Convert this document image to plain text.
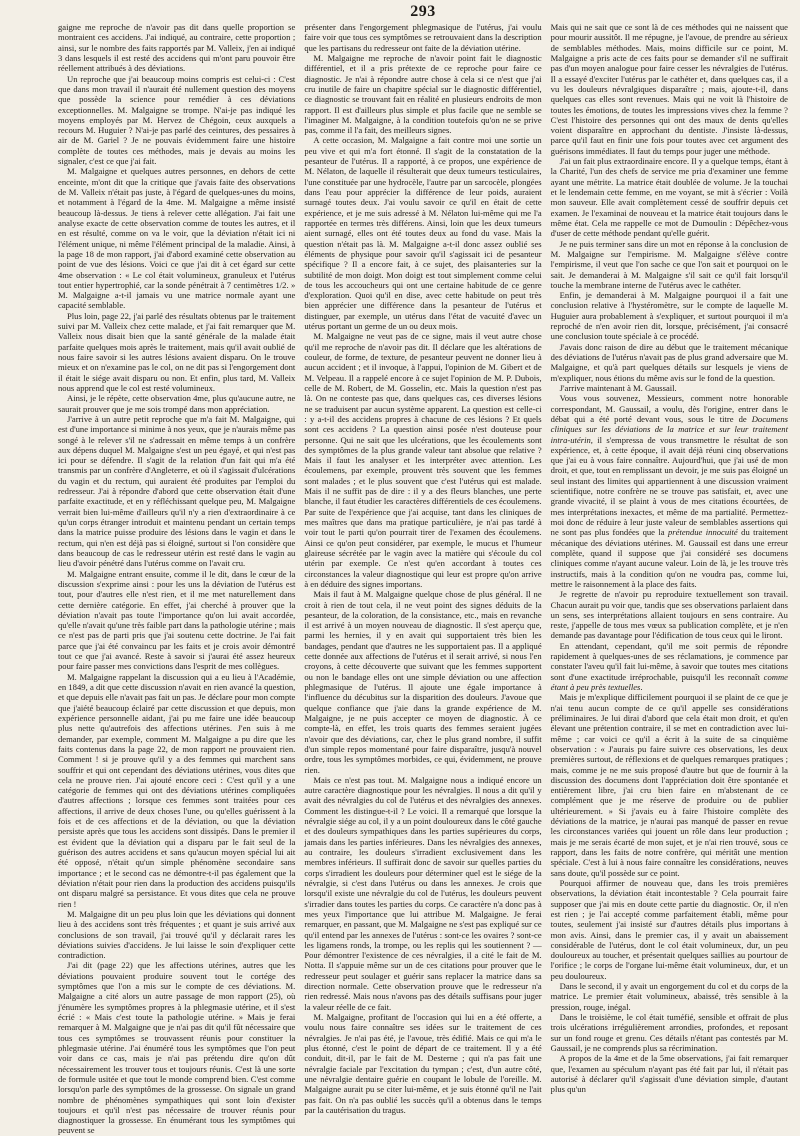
293

gaigne me reproche de n'avoir pas dit dans quelle proportion se montraient ces accidens. J'ai indiqué, au contraire, cette proportion ; ainsi, sur le nombre des faits rapportés par M. Valleix, j'en ai indiqué 3 dans lesquels il est resté des accidens qui m'ont paru pouvoir être réellement attribués à des déviations.

Un reproche que j'ai beaucoup moins compris est celui-ci : C'est que dans mon travail il n'aurait été nullement question des moyens que possède la science pour remédier à ces déviations exceptionnelles. M. Malgaigne se trompe. N'ai-je pas indiqué les moyens employés par M. Hervez de Chégoin, ceux auxquels a recours M. Huguier ? N'ai-je pas parlé des ceintures, des pessaires à air de M. Gariel ? Je ne pouvais évidemment faire une histoire complète de toutes ces méthodes, mais je devais au moins les signaler, c'est ce que j'ai fait.

M. Malgaigne et quelques autres personnes, en dehors de cette enceinte, m'ont dit que la critique que j'avais faite des observations de M. Valleix n'était pas juste, à l'égard de quelques-unes du moins, et notamment à l'égard de la 4me. M. Malgaigne a même insisté beaucoup là-dessus. Je tiens à relever cette allégation. J'ai fait une analyse exacte de cette observation comme de toutes les autres, et il en est résulté, comme on va le voir, que la déviation n'était ici ni l'élément unique, ni même l'élément principal de la maladie. Ainsi, à la page 18 de mon rapport, j'ai d'abord examiné cette observation au point de vue des lésions. Voici ce que j'ai dit à cet égard sur cette 4me observation : « Le col était volumineux, granuleux et l'utérus tout entier hypertrophié, car la sonde pénétrait à 7 centimètres 1/2. » M. Malgaigne a-t-il jamais vu une matrice normale ayant une capacité semblable.

Plus loin, page 22, j'ai parlé des résultats obtenus par le traitement suivi par M. Valleix chez cette malade, et j'ai fait remarquer que M. Valleix nous disait bien que la santé générale de la malade était parfaite quelques mois après le traitement, mais qu'il avait oublié de nous faire savoir si les autres lésions avaient disparu. On le trouve mieux et on n'examine pas le col, on ne dit pas si l'engorgement dont il était le siége avait disparu ou non. Et enfin, plus tard, M. Valleix nous apprend que le col est resté volumineux.

Ainsi, je le répète, cette observation 4me, plus qu'aucune autre, ne saurait prouver que je me sois trompé dans mon appréciation.

J'arrive à un autre petit reproche que m'a fait M. Malgaigne, qui est d'une importance si minime à nos yeux, que je n'aurais même pas songé à le relever s'il ne s'adressait en même temps à un confrère aux dépens duquel M. Malgaigne s'est un peu égayé, et qui n'est pas ici pour se défendre. Il s'agit de la relation d'un fait qui m'a été transmis par un confrère d'Angleterre, et où il s'agissait d'ulcérations du vagin et du rectum, qui auraient été produites par l'emploi du redresseur. J'ai à répondre d'abord que cette observation était d'une parfaite exactitude, et en y réfléchissant quelque peu, M. Malgaigne verrait bien lui-même d'ailleurs qu'il n'y a rien d'extraordinaire à ce qu'un corps étranger introduit et maintenu pendant un certain temps dans la matrice puisse produire des lésions dans le vagin et dans le rectum, qui n'en est déjà pas si éloigné, surtout si l'on considère que dans beaucoup de cas le redresseur utérin est resté dans le vagin au lieu d'avoir pénétré dans l'utérus comme on l'avait cru.

M. Malgaigne entrant ensuite, comme il le dit, dans le cœur de la discussion s'exprime ainsi : pour les uns la déviation de l'utérus est tout, pour d'autres elle n'est rien, et il me met naturellement dans cette dernière catégorie. En effet, j'ai cherché à prouver que la déviation n'avait pas toute l'importance qu'on lui avait accordée, qu'elle n'avait qu'une très faible part dans la pathologie utérine ; mais ce n'est pas de parti pris que j'ai soutenu cette doctrine. Je l'ai fait parce que j'ai été convaincu par les faits et je crois avoir démontré tout ce que j'ai avancé. Reste à savoir si j'aurai été assez heureux pour faire passer mes convictions dans l'esprit de mes collègues.

M. Malgaigne rappelant la discussion qui a eu lieu à l'Académie, en 1849, a dit que cette discussion n'avait en rien avancé la question, et que depuis elle n'avait pas fait un pas. Je déclare pour mon compte que j'aiété beaucoup éclairé par cette discussion et que depuis, mon expérience personnelle aidant, j'ai pu me faire une idée beaucoup plus nette qu'autrefois des affections utérines. J'en suis à me demander, par exemple, comment M. Malgaigne a pu dire que les faits contenus dans la page 22, de mon rapport ne prouvaient rien. Comment ! si je prouve qu'il y a des femmes qui marchent sans souffrir et qui ont cependant des déviations utérines, vous dites que cela ne prouve rien. J'ai ajouté encore ceci : C'est qu'il y a une catégorie de femmes qui ont des déviations utérines compliquées d'autres affections ; lorsque ces femmes sont traitées pour ces affections, il arrive de deux choses l'une, ou qu'elles guérissent à la fois et de ces affections et de la déviation, ou que la déviation persiste après que tous les accidens sont dissipés. Dans le premier il est évident que la déviation qui a disparu par le fait seul de la guérison des autres accidens et sans qu'aucun moyen spécial lui ait été opposé, n'était qu'un simple phénomène secondaire sans importance ; et le second cas ne démontre-t-il pas également que la déviation n'était pour rien dans la production des accidens puisqu'ils ont disparu malgré sa persistance. Et vous dites que cela ne prouve rien !

M. Malgaigne dit un peu plus loin que les déviations qui donnent lieu à des accidens sont très fréquentes ; et quant je suis arrivé aux conclusions de son travail, j'ai trouvé qu'il y déclarait rares les déviations suivies d'accidens. Je lui laisse le soin d'expliquer cette contradiction.

J'ai dit (page 22) que les affections utérines, autres que les déviations pouvaient produire souvent tout le cortége des symptômes que l'on a mis sur le compte de ces déviations. M. Malgaigne a cité alors un autre passage de mon rapport (25), où j'énumère les symptômes propres à la phlegmasie utérine, et il s'est écrié : « Mais c'est toute la pathologie utérine. » Mais je ferai remarquer à M. Malgaigne que je n'ai pas dit qu'il fût nécessaire que tous ces symptômes se trouvassent réunis pour constituer la phlegmasie utérine. J'ai énuméré tous les symptômes que l'on peut voir dans ce cas, mais je n'ai pas prétendu dire qu'on dût nécessairement les trouver tous et toujours réunis. C'est là une sorte de formule usitée et que tout le monde comprend bien. C'est comme lorsqu'on parle des symptômes de la grossesse. On signale un grand nombre de phénomènes sympathiques qui sont loin d'exister toujours et qu'il n'est pas nécessaire de trouver réunis pour diagnostiquer la grossesse. En énumérant tous les symptômes qui peuvent se

présenter dans l'engorgement phlegmasique de l'utérus, j'ai voulu faire voir que tous ces symptômes se retrouvaient dans la description que les partisans du redresseur ont faite de la déviation utérine.

M. Malgaigne me reproche de n'avoir point fait le diagnostic différentiel, et il a pris prétexte de ce reproche pour faire ce diagnostic. Je n'ai à répondre autre chose à cela si ce n'est que j'ai cru inutile de faire un chapitre spécial sur le diagnostic différentiel, ce diagnostic se trouvant fait en réalité en plusieurs endroits de mon rapport. Il est d'ailleurs plus simple et plus facile que ne semble se l'imaginer M. Malgaigne, à la condition toutefois qu'on ne se prive pas, comme il l'a fait, des meilleurs signes.

A cette occasion, M. Malgaigne a fait contre moi une sortie un peu vive et qui m'a fort étonné. Il s'agit de la constatation de la pesanteur de l'utérus. Il a rapporté, à ce propos, une expérience de M. Nélaton, de laquelle il résulterait que deux tumeurs testiculaires, l'une constituée par une hydrocèle, l'autre par un sarcocèle, plongées dans l'eau pour apprécier la différence de leur poids, auraient surnagé toutes deux. J'ai voulu savoir ce qu'il en était de cette expérience, et je me suis adressé à M. Nélaton lui-même qui me l'a rapportée en termes très différens. Ainsi, loin que les deux tumeurs aient surnagé, elles ont été toutes deux au fond du vase. Mais la question n'était pas là. M. Malgaigne a-t-il donc assez oublié ses éléments de physique pour savoir qu'il s'agissait ici de pesanteur spécifique ? Il a encore fait, à ce sujet, des plaisanteries sur la subtilité de mon doigt. Mon doigt est tout simplement comme celui de tous les accoucheurs qui ont une certaine habitude de ce genre d'exploration. Quoi qu'il en dise, avec cette habitude on peut très bien apprécier une différence dans la pesanteur de l'utérus et distinguer, par exemple, un utérus dans l'état de vacuité d'avec un utérus portant un germe de un ou deux mois.

M. Malgaigne ne veut pas de ce signe, mais il veut autre chose qu'il me reproche de n'avoir pas dit. Il déclare que les altérations de couleur, de forme, de texture, de pesanteur peuvent ne donner lieu à aucun accident ; et il invoque, à l'appui, l'opinion de M. Gibert et de M. Velpeau. Il a rappelé encore à ce sujet l'opinion de M. P. Dubois, celle de M. Robert, de M. Gosselin, etc. Mais la question n'est pas là. On ne conteste pas que, dans quelques cas, ces diverses lésions ne se traduisent par aucun système apparent. La question est celle-ci : y a-t-il des accidens propres à chacune de ces lésions ? Et quels sont ces accidens ? La question ainsi posée n'est douteuse pour personne. Qui ne sait que les ulcérations, que les écoulements sont des symptômes de la plus grande valeur tant absolue que relative ? Mais il faut les analyser et les interpréter avec attention. Les écoulemens, par exemple, prouvent très souvent que les femmes sont malades ; et le plus souvent que c'est l'utérus qui est malade. Mais il ne suffit pas de dire : il y a des fleurs blanches, une perte blanche, il faut étudier les caractères différentiels de ces écoulemens. Par suite de l'expérience que j'ai acquise, tant dans les cliniques de mes maîtres que dans ma pratique particulière, je n'ai pas tardé à voir tout le parti qu'on pourrait tirer de l'examen des écoulemens. Ainsi ce qu'on peut considérer, par exemple, le mucus et l'humeur glaireuse sécrétée par le vagin avec la matière qui s'écoule du col utérin par exemple. Ce n'est qu'en accordant à toutes ces circonstances la valeur diagnostique qui leur est propre qu'on arrive à en déduire des signes importans.

Mais il faut à M. Malgaigne quelque chose de plus général. Il ne croit à rien de tout cela, il ne veut point des signes déduits de la pesanteur, de la coloration, de la consistance, etc., mais en revanche il est arrivé à un moyen nouveau de diagnostic. Il s'est aperçu que, parmi les hernies, il y en avait qui supportaient très bien les bandages, pendant que d'autres ne les supportaient pas. Il a appliqué cette donnée aux affections de l'utérus et il serait arrivé, si nous l'en croyons, à cette découverte que suivant que les femmes supportent ou non le bandage elles ont une simple déviation ou une affection phlegmasique de l'utérus. Il ajoute une égale importance à l'influence du décubitus sur la disparition des douleurs. J'avoue que quelque confiance que j'aie dans la grande expérience de M. Malgaigne, je ne puis accepter ce moyen de diagnostic. À ce compte-là, en effet, les trois quarts des femmes seraient jugées n'avoir que des déviations, car, chez le plus grand nombre, il suffit d'un simple repos momentané pour faire disparaître, jusqu'à nouvel ordre, tous les symptômes morbides, ce qui, évidemment, ne prouve rien.

Mais ce n'est pas tout. M. Malgaigne nous a indiqué encore un autre caractère diagnostique pour les névralgies. Il nous a dit qu'il y avait des névralgies du col de l'utérus et des névralgies des annexes. Comment les distingue-t-il ? Le voici. Il a remarqué que lorsque la névralgie siége au col, il y a un point douloureux dans le côté gauche et des douleurs sympathiques dans les parties supérieures du corps, jamais dans les parties inférieures. Dans les névralgies des annexes, au contraire, les douleurs s'irradient exclusivement dans les membres inférieurs. Il suffirait donc de savoir sur quelles parties du corps s'irradient les douleurs pour déterminer quel est le siége de la névralgie, si c'est dans l'utérus ou dans les annexes. Je crois que lorsqu'il existe une névralgie du col de l'utérus, les douleurs peuvent s'irradier dans toutes les parties du corps. Ce caractère n'a donc pas à mes yeux l'importance que lui attribue M. Malgaigne. Je ferai remarquer, en passant, que M. Malgaigne ne s'est pas expliqué sur ce qu'il entend par les annexes de l'utérus : sont-ce les ovaires ? sont-ce les ligamens ronds, la trompe, ou les replis qui les soutiennent ? — Pour démontrer l'existence de ces névralgies, il a cité le fait de M. Notta. Il s'appuie même sur un de ces citations pour prouver que le redresseur peut soulager et guérir sans replacer la matrice dans sa direction normale. Cette observation prouve que le redresseur n'a rien redressé. Mais nous n'avons pas des détails suffisans pour juger la valeur réelle de ce fait.

M. Malgaigne, profitant de l'occasion qui lui en a été offerte, a voulu nous faire connaître ses idées sur le traitement de ces névralgies. Je n'ai pas été, je l'avoue, très édifié. Mais ce qui m'a le plus étonné, c'est le point de départ de ce traitement. Il y a été conduit, dit-il, par le fait de M. Desterne ; qui n'a pas fait une névralgie faciale par l'excitation du tympan ; c'est, d'un autre côté, une névralgie dentaire guérie en coupant le lobule de l'oreille. M. Malgaigne aurait pu se citer lui-même, et je suis étonné qu'il ne l'ait pas fait. On n'a pas oublié les succès qu'il a obtenus dans le temps par la cautérisation du tragus.

Mais qui ne sait que ce sont là de ces méthodes qui ne naissent que pour mourir aussitôt. Il me répugne, je l'avoue, de prendre au sérieux de semblables méthodes. Mais, moins difficile sur ce point, M. Malgaigne a pris acte de ces faits pour se demander s'il ne suffirait pas d'un moyen analogue pour faire cesser les névralgies de l'utérus. Il a essayé d'exciter l'utérus par le cathéter et, dans quelques cas, il a vu les douleurs névralgiques disparaître ; mais, ajoute-t-il, dans quelques cas elles sont revenues. Mais qui ne voit là l'histoire de toutes les émotions, de toutes les impressions vives chez la femme ? C'est l'histoire des personnes qui ont des maux de dents qu'elles voient disparaître en approchant du dentiste. J'insiste là-dessus, parce qu'il faut en finir une fois pour toutes avec cet argument des guérisons immédiates. Il faut du temps pour juger une méthode.

J'ai un fait plus extraordinaire encore. Il y a quelque temps, étant à la Charité, l'un des chefs de service me pria d'examiner une femme ayant une métrite. La matrice était doublée de volume. Je la touchai et le lendemain cette femme, en me voyant, se mit à s'écrier : Voilà mon sauveur. Elle avait complètement cessé de souffrir depuis cet examen. Je l'examinai de nouveau et la matrice était toujours dans le même état. Cela me rappelle ce mot de Dumoulin : Dépêchez-vous d'user de cette méthode pendant qu'elle guérit.

Je ne puis terminer sans dire un mot en réponse à la conclusion de M. Malgaigne sur l'empirisme. M. Malgaigne s'élève contre l'empirisme, il veut que l'on sache ce que l'on sait et pourquoi on le sait. Je demanderai à M. Malgaigne s'il sait ce qu'il fait lorsqu'il touche la membrane interne de l'utérus avec le cathéter.

Enfin, je demanderai à M. Malgaigne pourquoi il a fait une conclusion relative à l'hystéromètre, sur le compte de laquelle M. Huguier aura probablement à s'expliquer, et surtout pourquoi il m'a reproché de n'en avoir rien dit, lorsque, précisément, j'ai consacré une conclusion toute spéciale à ce procédé.

J'avais donc raison de dire au début que le traitement mécanique des déviations de l'utérus n'avait pas de plus grand adversaire que M. Malgaigne, et qu'à part quelques détails sur lesquels je viens de m'expliquer, nous étions du même avis sur le fond de la question.

J'arrive maintenant à M. Gaussail.

Vous vous souvenez, Messieurs, comment notre honorable correspondant, M. Gaussail, a voulu, dès l'origine, entrer dans le débat qui a été porté devant vous, sous le titre de Documens cliniques sur les déviations de la matrice et sur leur traitement intra-utérin, il s'empressa de vous transmettre le résultat de son expérience, et, à cette époque, il avait déjà réuni cinq observations que j'ai eu à vous faire connaître. Aujourd'hui, que j'ai usé de mon droit, et que, tout en remplissant un devoir, je me suis pas éloigné un seul instant des limites qui appartiennent à une discussion vraiment scientifique, notre confrère ne se trouve pas satisfait, et, avec une grande vivacité, il se plaint à vous de mes citations écourtées, de mes interprétations inexactes, et même de ma partialité. Permettez-moi donc de réduire à leur juste valeur de semblables assertions qui ne sont pas plus fondées que la prétendue innocuité du traitement mécanique des déviations utérines. M. Gaussail est dans une erreur complète, quand il suppose que j'ai considéré ses documens cliniques comme n'ayant aucune valeur. Loin de là, je les trouve très instructifs, mais à la condition qu'on ne voudra pas, comme lui, mettre le raisonnement à la place des faits.

Je regrette de n'avoir pu reproduire textuellement son travail. Chacun aurait pu voir que, tandis que ses observations parlaient dans un sens, ses interprétations allaient toujours en sens contraire. Au reste, j'appelle de tous mes vœux sa publication complète, et je n'en demande pas davantage pour l'édification de tous ceux qui le liront.

En attendant, cependant, qu'il me soit permis de répondre rapidement à quelques-unes de ses réclamations, je commence par constater l'aveu qu'il fait lui-même, à savoir que toutes mes citations sont d'une exactitude irréprochable, puisqu'il les reconnaît comme étant à peu près textuelles.

Mais je m'explique difficilement pourquoi il se plaint de ce que je n'ai tenu aucun compte de ce qu'il appelle ses considérations préliminaires. Je lui dirai d'abord que cela était mon droit, et qu'en élevant une prétention contraire, il se met en contradiction avec lui-même ; car voici ce qu'il a écrit à la suite de sa cinquième observation : « J'aurais pu faire suivre ces observations, les deux premières surtout, de réflexions et de quelques remarques pratiques ; mais, comme je ne me suis proposé d'autre but que de fournir à la discussion des documens dont l'appréciation doit être spontanée et entièrement libre, j'ai cru bien faire en m'abstenant de ce complément que je me réserve de produire ou de publier ultérieurement. » Si j'avais eu à faire l'histoire complète des déviations de la matrice, je n'aurai pas manqué de passer en revue les circonstances variées qui jouent un rôle dans leur production ; mais je me serais écarté de mon sujet, et je n'ai rien trouvé, sous ce rapport, dans les faits de notre confrère, qui méritât une mention spéciale. C'est à lui à nous faire connaître les considérations, neuves sans doute, qu'il possède sur ce point.

Pourquoi affirmer de nouveau que, dans les trois premières observations, la déviation était incontestable ? Cela pourrait faire supposer que j'ai mis en doute cette partie du diagnostic. Or, il n'en est rien ; je l'ai accepté comme parfaitement établi, même pour toutes, seulement j'ai insisté sur d'autres détails plus importans à mon avis. Ainsi, dans le premier cas, il y avait un abaissement considérable de l'utérus, dont le col était volumineux, dur, un peu douloureux au toucher, et présentait quelques saillies au pourtour de l'orifice ; le corps de l'organe lui-même était volumineux, dur, et un peu douloureux.

Dans le second, il y avait un engorgement du col et du corps de la matrice. Le premier était volumineux, abaissé, très sensible à la pression, rouge, inégal.

Dans le troisième, le col était tuméfié, sensible et offrait de plus trois ulcérations irrégulièrement arrondies, profondes, et reposant sur un fond rouge et grenu. Ces détails n'étant pas contestés par M. Gaussail, je ne comprends plus sa récrimination.

A propos de la 4me et de la 5me observations, j'ai fait remarquer que, l'examen au spéculum n'ayant pas été fait par lui, il n'était pas autorisé à déclarer qu'il s'agissait d'une déviation simple, d'autant plus qu'un
